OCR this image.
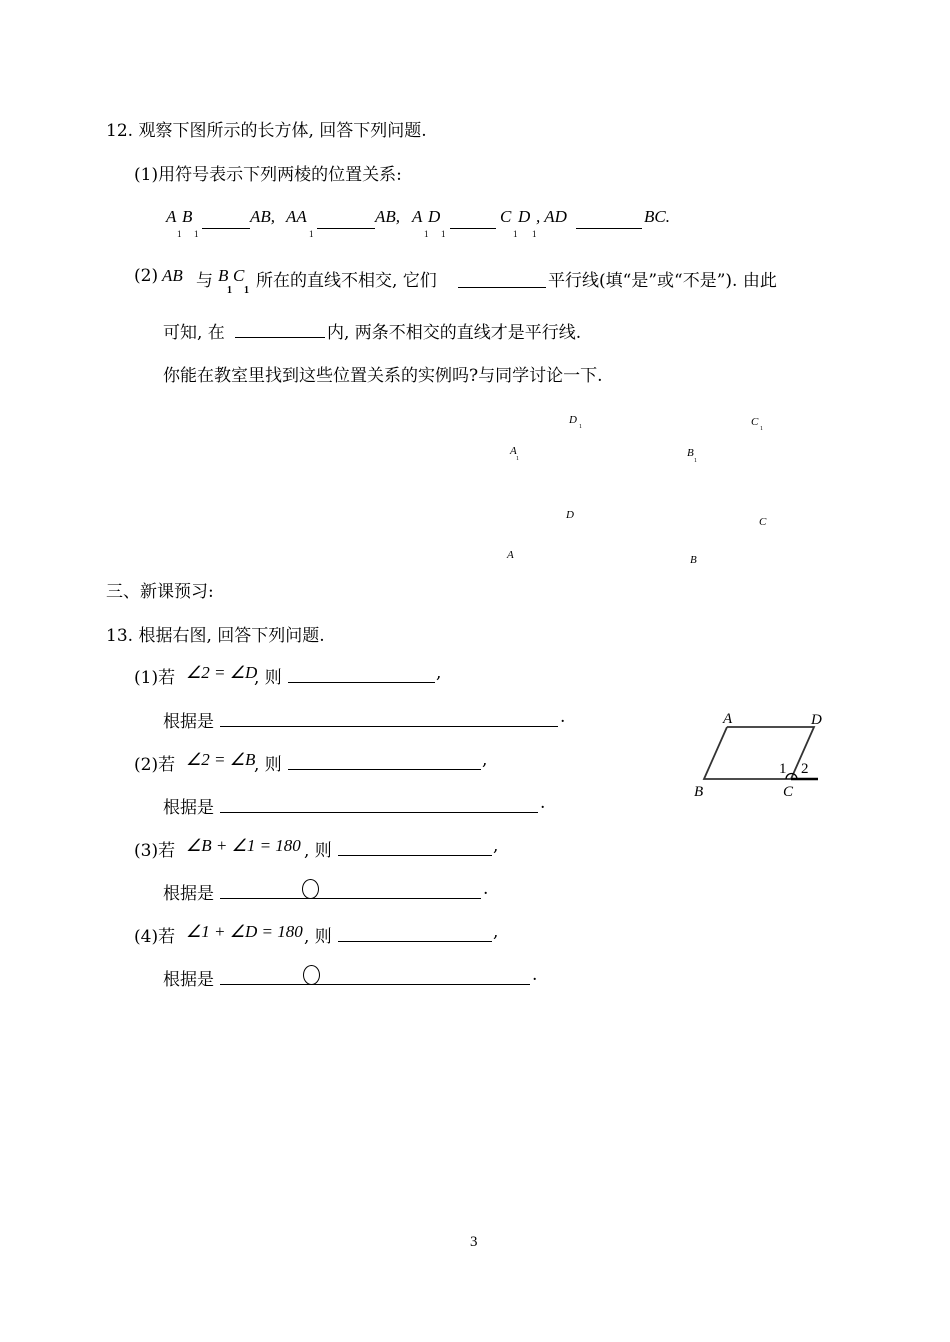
12. 观察下图所示的长方体, 回答下列问题.
(1)用符号表示下列两棱的位置关系:
A B
1 1
AB, AA
1
AB, A D
1 1
C D
1 1
, AD	BC.
(2) AB 与 B C
1 1 所在的直线不相交, 它们	平行线(填“是”或“不是”). 由此
可知, 在	内, 两条不相交的直线才是平行线.
你能在教室里找到这些位置关系的实例吗?与同学讨论一下.
D
1	C
1
A
1	B
1
D
C
A	B
三、新课预习:
13. 根据右图, 回答下列问题.
(1)若 ∠2 = ∠D
, 则	,
根据是	.
(2)若 ∠2 = ∠B
, 则	,
根据是	.
(3)若 ∠B + ∠1 = 180 , 则	,
根据是	.
(4)若 ∠1 + ∠D = 180 , 则	,
根据是	.
A	D
B	C
1 2
3
